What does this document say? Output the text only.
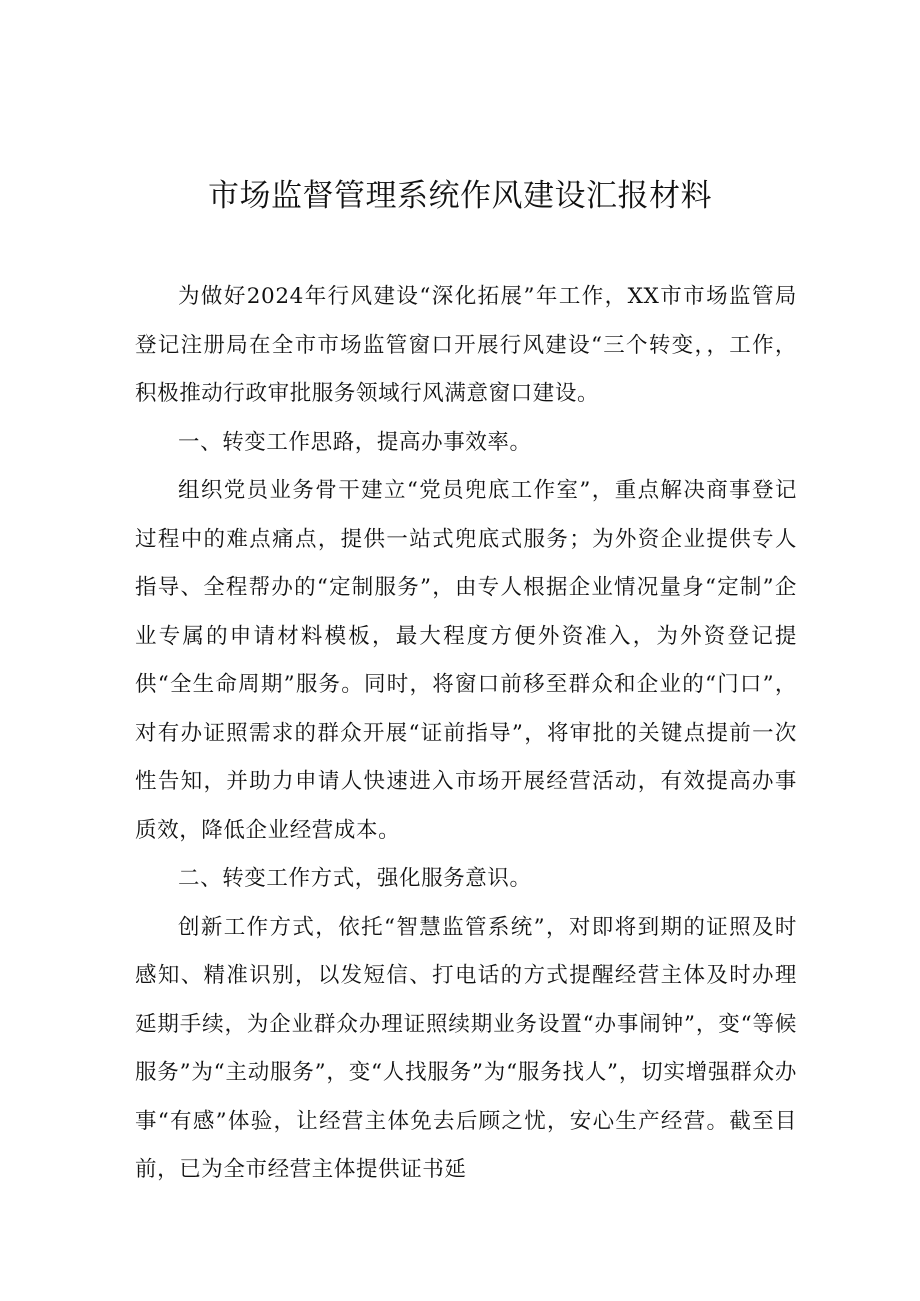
市场监督管理系统作风建设汇报材料

为做好2024年行风建设“深化拓展”年工作，XX市市场监管局登记注册局在全市市场监管窗口开展行风建设“三个转变，，工作，积极推动行政审批服务领域行风满意窗口建设。

一、转变工作思路，提高办事效率。

组织党员业务骨干建立“党员兜底工作室”，重点解决商事登记过程中的难点痛点，提供一站式兜底式服务；为外资企业提供专人指导、全程帮办的“定制服务”，由专人根据企业情况量身“定制”企业专属的申请材料模板，最大程度方便外资准入，为外资登记提供“全生命周期”服务。同时，将窗口前移至群众和企业的“门口”，对有办证照需求的群众开展“证前指导”，将审批的关键点提前一次性告知，并助力申请人快速进入市场开展经营活动，有效提高办事质效，降低企业经营成本。

二、转变工作方式，强化服务意识。

创新工作方式，依托“智慧监管系统”，对即将到期的证照及时感知、精准识别，以发短信、打电话的方式提醒经营主体及时办理延期手续，为企业群众办理证照续期业务设置“办事闹钟”，变“等候服务”为“主动服务”，变“人找服务”为“服务找人”，切实增强群众办事“有感”体验，让经营主体免去后顾之忧，安心生产经营。截至目前，已为全市经营主体提供证书延
